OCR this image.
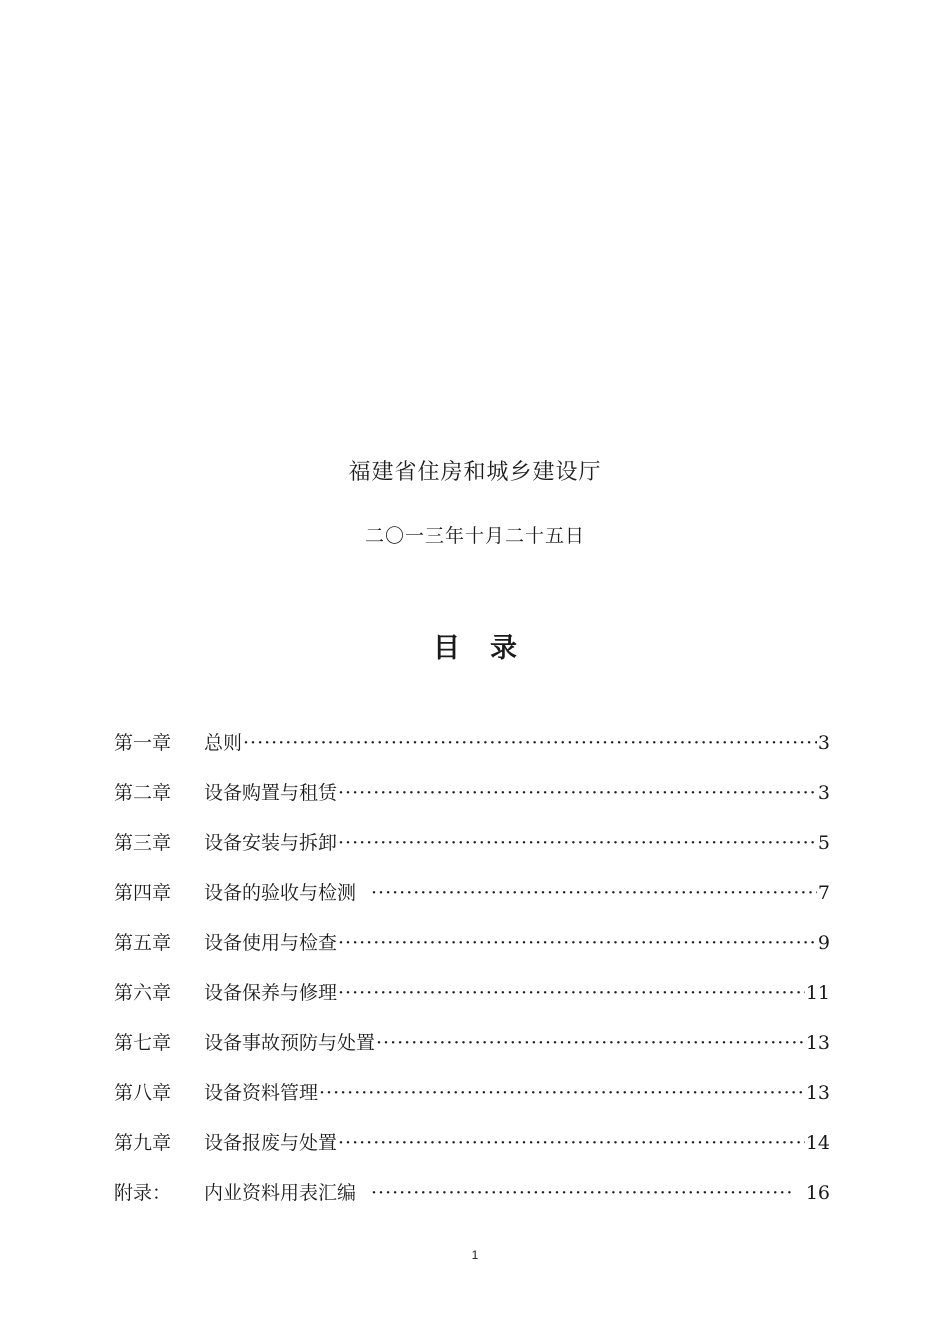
福建省住房和城乡建设厅
二〇一三年十月二十五日
目录
第一章	总则 ·····	3
第二章	设备购置与租赁 ·····	3
第三章	设备安装与拆卸 ·····	5
第四章	设备的验收与检测 ·····	7
第五章	设备使用与检查 ·····	9
第六章	设备保养与修理 ·····	11
第七章	设备事故预防与处置 ·····	13
第八章	设备资料管理 ·····	13
第九章	设备报废与处置 ·····	14
附录：	内业资料用表汇编 ·····	16
1
